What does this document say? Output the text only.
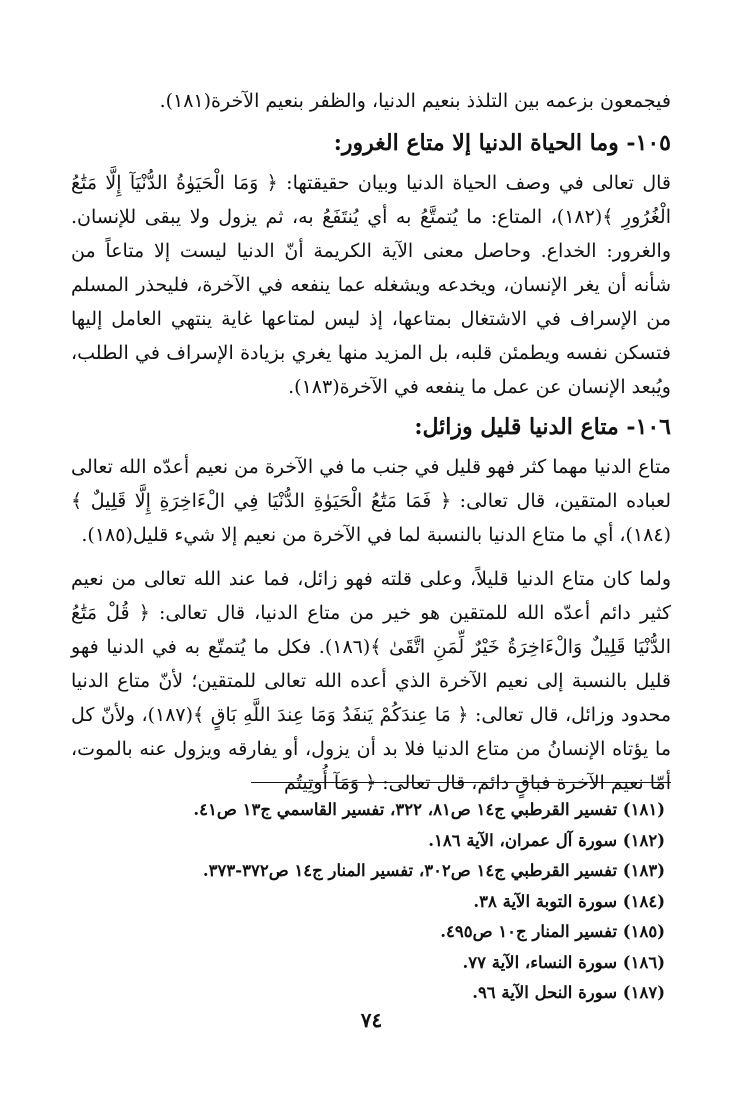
فيجمعون بزعمه بين التلذذ بنعيم الدنيا، والظفر بنعيم الآخرة(١٨١).

١٠٥- وما الحياة الدنيا إلا متاع الغرور:

قال تعالى في وصف الحياة الدنيا وبيان حقيقتها: ﴿ وَمَا الْحَيَوٰةُ الدُّنْيَآ إِلَّا مَتَٰعُ الْغُرُورِ ﴾(١٨٢)، المتاع: ما يُتمتَّعُ به أي يُنتَفَعُ به، ثم يزول ولا يبقى للإنسان. والغرور: الخداع. وحاصل معنى الآية الكريمة أنّ الدنيا ليست إلا متاعاً من شأنه أن يغر الإنسان، ويخدعه ويشغله عما ينفعه في الآخرة، فليحذر المسلم من الإسراف في الاشتغال بمتاعها، إذ ليس لمتاعها غاية ينتهي العامل إليها فتسكن نفسه ويطمئن قلبه، بل المزيد منها يغري بزيادة الإسراف في الطلب، ويُبعد الإنسان عن عمل ما ينفعه في الآخرة(١٨٣).

١٠٦- متاع الدنيا قليل وزائل:

متاع الدنيا مهما كثر فهو قليل في جنب ما في الآخرة من نعيم أعدّه الله تعالى لعباده المتقين، قال تعالى: ﴿ فَمَا مَتَٰعُ الْحَيَوٰةِ الدُّنْيَا فِي الْءَاخِرَةِ إِلَّا قَلِيلٌ ﴾(١٨٤)، أي ما متاع الدنيا بالنسبة لما في الآخرة من نعيم إلا شيء قليل(١٨٥).

ولما كان متاع الدنيا قليلاً، وعلى قلته فهو زائل، فما عند الله تعالى من نعيم كثير دائم أعدّه الله للمتقين هو خير من متاع الدنيا، قال تعالى: ﴿ قُلْ مَتَٰعُ الدُّنْيَا قَلِيلٌ وَالْءَاخِرَةُ خَيْرٌ لِّمَنِ اتَّقَىٰ ﴾(١٨٦). فكل ما يُتمتّع به في الدنيا فهو قليل بالنسبة إلى نعيم الآخرة الذي أعده الله تعالى للمتقين؛ لأنّ متاع الدنيا محدود وزائل، قال تعالى: ﴿ مَا عِندَكُمْ يَنفَدُ وَمَا عِندَ اللَّهِ بَاقٍ ﴾(١٨٧)، ولأنّ كل ما يؤتاه الإنسانُ من متاع الدنيا فلا بد أن يزول، أو يفارقه ويزول عنه بالموت، أمّا نعيم الآخرة فباقٍ دائم، قال تعالى: ﴿ وَمَآ أُوتِيتُم

(١٨١) تفسير القرطبي ج١٤ ص٨١، ٣٢٢، تفسير القاسمي ج١٣ ص٤١.

(١٨٢) سورة آل عمران، الآية ١٨٦.

(١٨٣) تفسير القرطبي ج١٤ ص٣٠٢، تفسير المنار ج١٤ ص٣٧٢-٣٧٣.

(١٨٤) سورة التوبة الآية ٣٨.

(١٨٥) تفسير المنار ج١٠ ص٤٩٥.

(١٨٦) سورة النساء، الآية ٧٧.

(١٨٧) سورة النحل الآية ٩٦.

٧٤
